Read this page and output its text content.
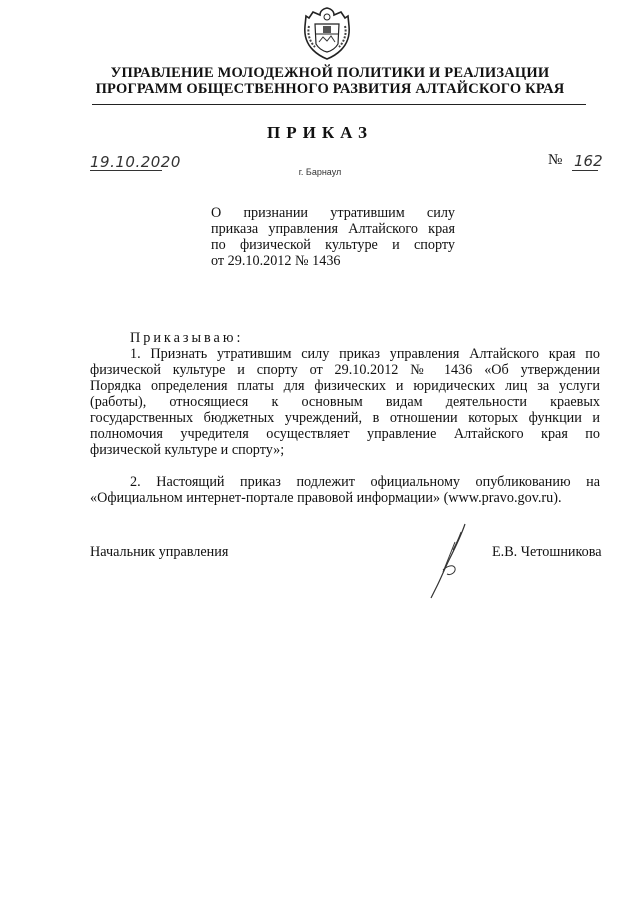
УПРАВЛЕНИЕ МОЛОДЕЖНОЙ ПОЛИТИКИ И РЕАЛИЗАЦИИ
ПРОГРАММ ОБЩЕСТВЕННОГО РАЗВИТИЯ АЛТАЙСКОГО КРАЯ
ПРИКАЗ
19.10.2020	№ 162
г. Барнаул
О признании утратившим силу
приказа управления Алтайского края
по физической культуре и спорту
от 29.10.2012 № 1436
Приказываю:
1. Признать утратившим силу приказ управления Алтайского края по
физической культуре и спорту от 29.10.2012 № 1436 «Об утверждении
Порядка определения платы для физических и юридических лиц за услуги
(работы), относящиеся к основным видам деятельности краевых
государственных бюджетных учреждений, в отношении которых функции и
полномочия учредителя осуществляет управление Алтайского края по
физической культуре и спорту»;
2. Настоящий приказ подлежит официальному опубликованию на
«Официальном интернет-портале правовой информации» (www.pravo.gov.ru).
Начальник управления	Е.В. Четошникова
